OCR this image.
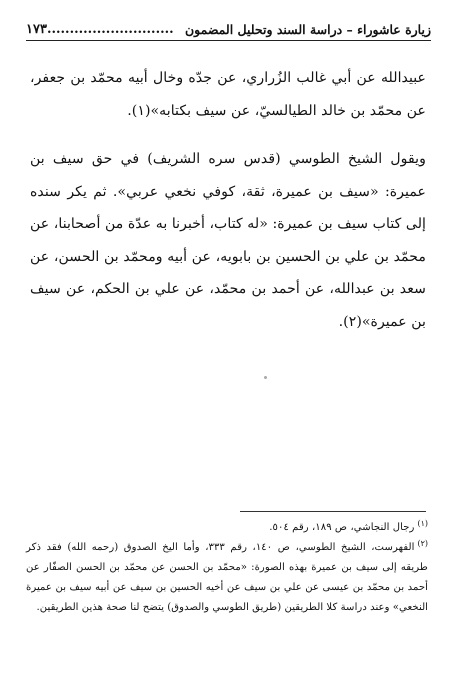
زيارة عاشوراء – دراسة السند وتحليل المضمون
١٧٣............................

عبيدالله عن أبي غالب الزُراري، عن جدّه وخال أبيه محمّد بن جعفر، عن محمّد بن خالد الطيالسيّ، عن سيف بكتابه»(١).

ويقول الشيخ الطوسي (قدس سره الشريف) في حق سيف بن عميرة: «سيف بن عميرة، ثقة، كوفي نخعي عربي». ثم يكر سنده إلى كتاب سيف بن عميرة: «له كتاب، أخبرنا به عدّة من أصحابنا، عن محمّد بن علي بن الحسين بن بابويه، عن أبيه ومحمّد بن الحسن، عن سعد بن عبدالله، عن أحمد بن محمّد، عن علي بن الحكم، عن سيف بن عميرة»(٢).

$^{(١)}$رجال النجاشي، ص ١٨٩، رقم ٥٠٤.

$^{(٢)}$الفهرست، الشيخ الطوسي، ص ١٤٠، رقم ٣٣٣، وأما اليخ الصدوق (رحمه الله) فقد ذكر طريقه إلى سيف بن عميرة بهذه الصورة: «محمّد بن الحسن عن محمّد بن الحسن الصفّار عن أحمد بن محمّد بن عيسى عن علي بن سيف عن أخيه الحسين بن سيف عن أبيه سيف بن عميرة النخعي» وعند دراسة كلا الطريقين (طريق الطوسي والصدوق) يتضح لنا صحة هذين الطريقين.
